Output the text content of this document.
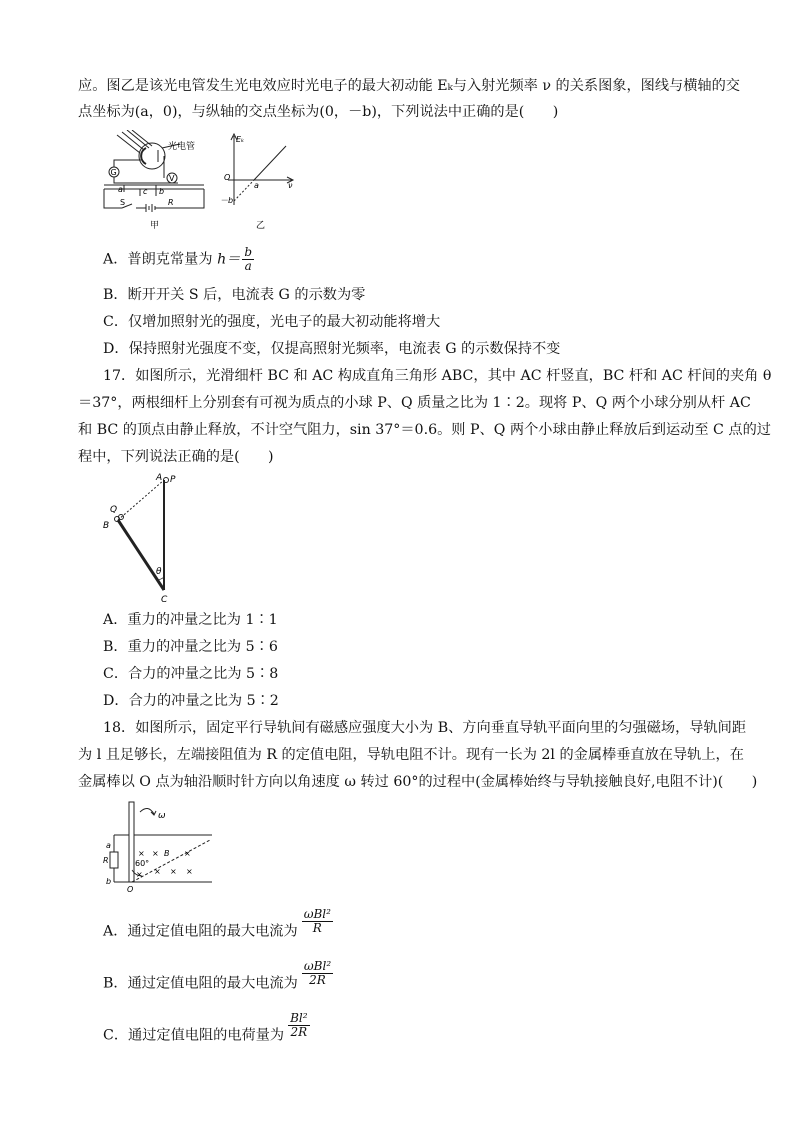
应。图乙是该光电管发生光电效应时光电子的最大初动能 Eₖ与入射光频率 ν 的关系图象，图线与横轴的交
点坐标为(a，0)，与纵轴的交点坐标为(0，－b)，下列说法中正确的是(　　)
光电管
G
V
a	c b
S	R
甲
Eₖ
O
a	ν
－b
乙
A．普朗克常量为 $h= \frac{b}{a}$
B．断开开关 S 后，电流表 G 的示数为零
C．仅增加照射光的强度，光电子的最大初动能将增大
D．保持照射光强度不变，仅提高照射光频率，电流表 G 的示数保持不变
17．如图所示，光滑细杆 BC 和 AC 构成直角三角形 ABC，其中 AC 杆竖直，BC 杆和 AC 杆间的夹角 θ
＝37°，两根细杆上分别套有可视为质点的小球 P、Q 质量之比为 1∶2。现将 P、Q 两个小球分别从杆 AC
和 BC 的顶点由静止释放，不计空气阻力，sin 37°＝0.6。则 P、Q 两个小球由静止释放后到运动至 C 点的过
程中，下列说法正确的是(　　)
A P
Q
B
θ
C
A．重力的冲量之比为 1∶1
B．重力的冲量之比为 5∶6
C．合力的冲量之比为 5∶8
D．合力的冲量之比为 5∶2
18．如图所示，固定平行导轨间有磁感应强度大小为 B、方向垂直导轨平面向里的匀强磁场，导轨间距
为 l 且足够长，左端接阻值为 R 的定值电阻，导轨电阻不计。现有一长为 2l 的金属棒垂直放在导轨上，在
金属棒以 O 点为轴沿顺时针方向以角速度 ω 转过 60°的过程中(金属棒始终与导轨接触良好,电阻不计)(　　)
ω
a
R
b
O
60°
B
× ×	×
× × × ×
A．通过定值电阻的最大电流为 $\frac{\text{ωBl²}}{R}$
B．通过定值电阻的最大电流为 $\frac{\text{ωBl²}}{2R}$
C．通过定值电阻的电荷量为 $\frac{\text{Bl²}}{2R}$
